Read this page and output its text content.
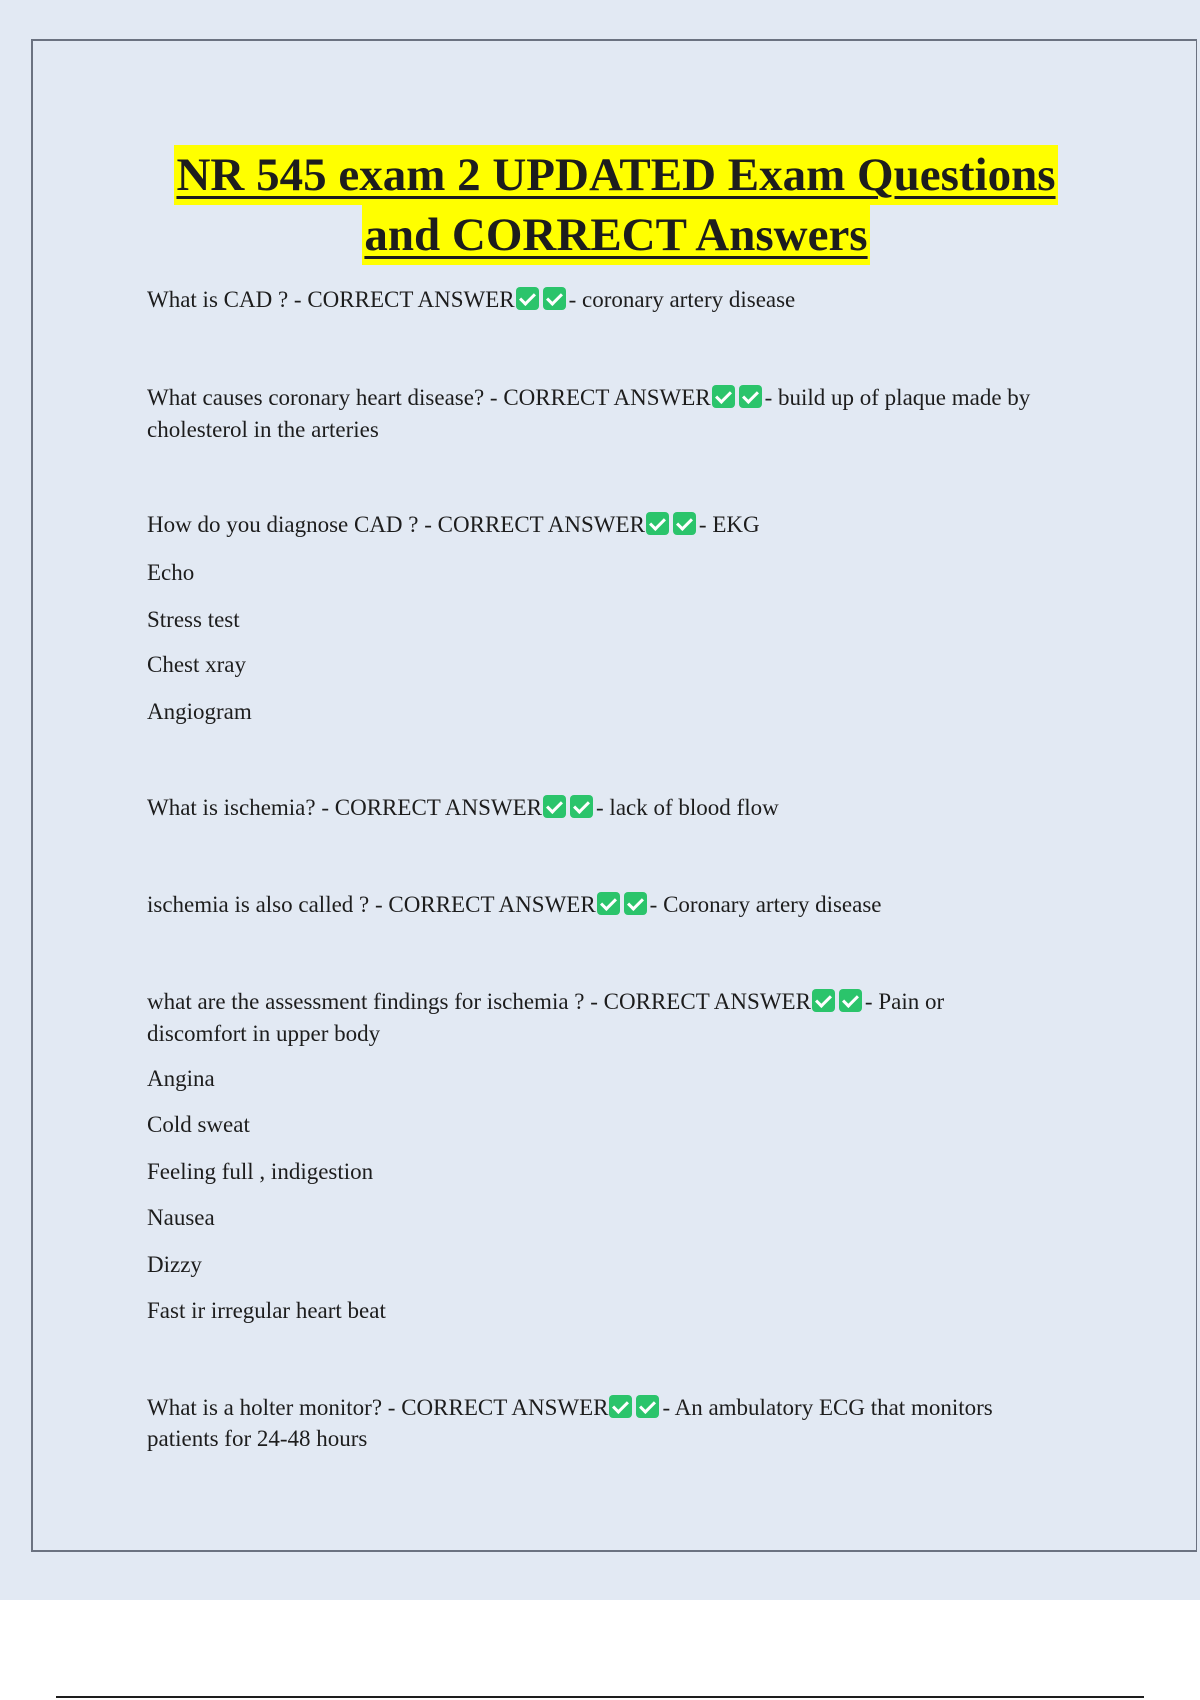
NR 545 exam 2 UPDATED Exam Questions
and CORRECT Answers
What is CAD ? - CORRECT ANSWER - coronary artery disease
What causes coronary heart disease? - CORRECT ANSWER - build up of plaque made by
cholesterol in the arteries
How do you diagnose CAD ? - CORRECT ANSWER - EKG
Echo
Stress test
Chest xray
Angiogram
What is ischemia? - CORRECT ANSWER - lack of blood flow
ischemia is also called ? - CORRECT ANSWER - Coronary artery disease
what are the assessment findings for ischemia ? - CORRECT ANSWER - Pain or
discomfort in upper body
Angina
Cold sweat
Feeling full , indigestion
Nausea
Dizzy
Fast ir irregular heart beat
What is a holter monitor? - CORRECT ANSWER - An ambulatory ECG that monitors
patients for 24-48 hours
